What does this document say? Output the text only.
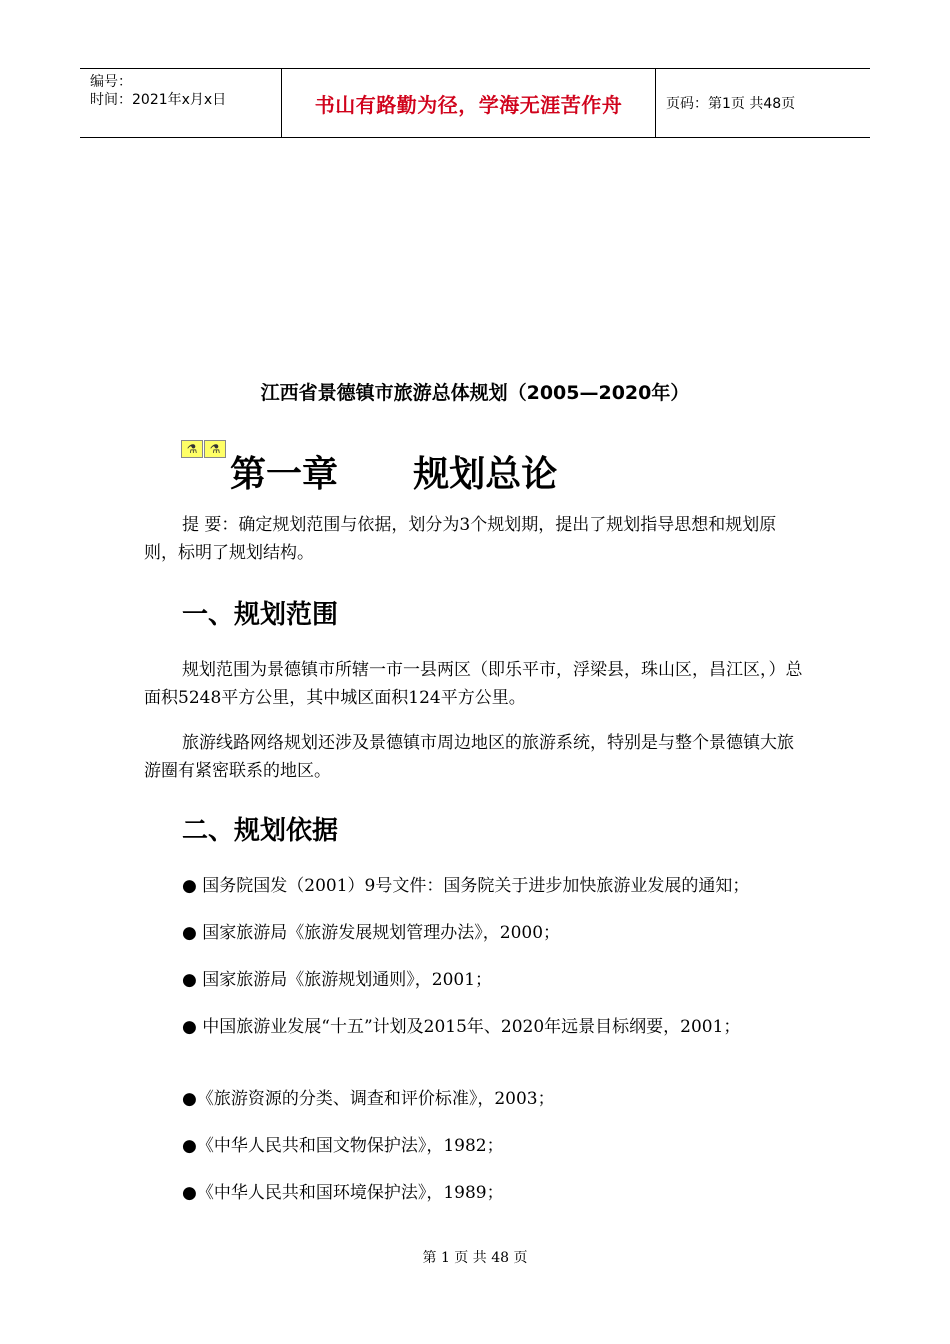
编号：
时间：2021年x月x日	书山有路勤为径，学海无涯苦作舟	页码：第1页 共48页
江西省景德镇市旅游总体规划（2005—2020年）
⚗	⚗
第一章      规划总论
提 要：确定规划范围与依据，划分为3个规划期，提出了规划指导思想和规划原则，标明了规划结构。
一、规划范围
规划范围为景德镇市所辖一市一县两区（即乐平市，浮梁县，珠山区，昌江区，）总面积5248平方公里，其中城区面积124平方公里。
旅游线路网络规划还涉及景德镇市周边地区的旅游系统，特别是与整个景德镇大旅游圈有紧密联系的地区。
二、规划依据
● 国务院国发（2001）9号文件：国务院关于进步加快旅游业发展的通知；
● 国家旅游局《旅游发展规划管理办法》，2000；
● 国家旅游局《旅游规划通则》，2001；
● 中国旅游业发展“十五”计划及2015年、2020年远景目标纲要，2001；
●《旅游资源的分类、调查和评价标准》，2003；
●《中华人民共和国文物保护法》，1982；
●《中华人民共和国环境保护法》，1989；
第 1 页 共 48 页
